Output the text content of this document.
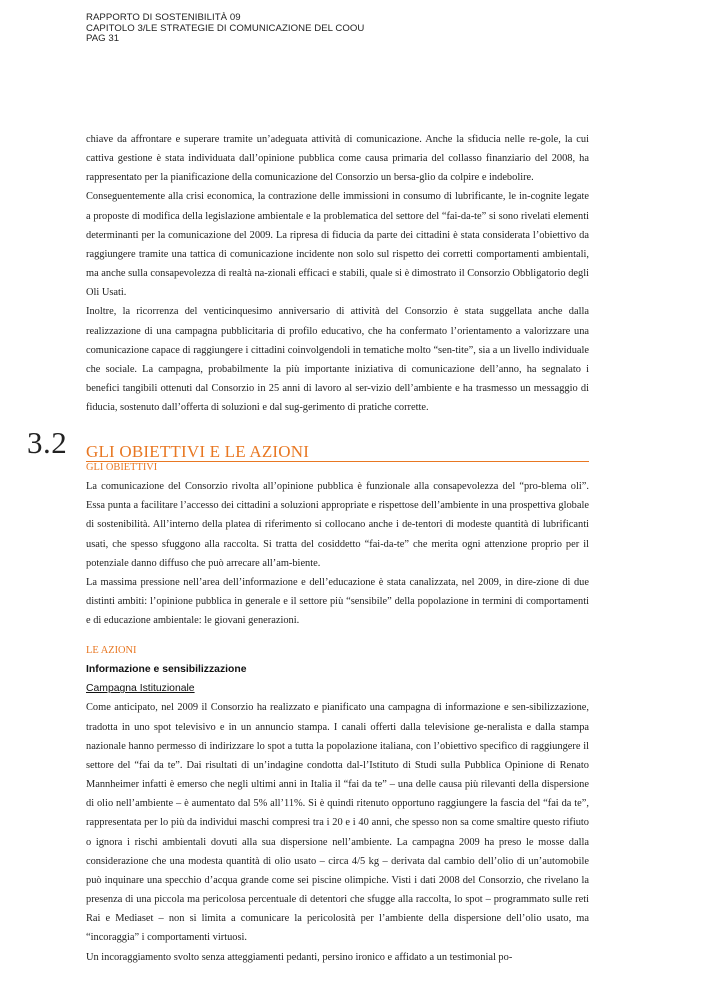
RAPPORTO DI SOSTENIBILITÀ 09
CAPITOLO 3/LE STRATEGIE DI COMUNICAZIONE DEL COOU
PAG 31

chiave da affrontare e superare tramite un’adeguata attività di comunicazione. Anche la sfiducia nelle re-gole, la cui cattiva gestione è stata individuata dall’opinione pubblica come causa primaria del collasso finanziario del 2008, ha rappresentato per la pianificazione della comunicazione del Consorzio un bersa-glio da colpire e indebolire.

Conseguentemente alla crisi economica, la contrazione delle immissioni in consumo di lubrificante, le in-cognite legate a proposte di modifica della legislazione ambientale e la problematica del settore del “fai-da-te” si sono rivelati elementi determinanti per la comunicazione del 2009. La ripresa di fiducia da parte dei cittadini è stata considerata l’obiettivo da raggiungere tramite una tattica di comunicazione incidente non solo sul rispetto dei corretti comportamenti ambientali, ma anche sulla consapevolezza di realtà na-zionali efficaci e stabili, quale si è dimostrato il Consorzio Obbligatorio degli Oli Usati.

Inoltre, la ricorrenza del venticinquesimo anniversario di attività del Consorzio è stata suggellata anche dalla realizzazione di una campagna pubblicitaria di profilo educativo, che ha confermato l’orientamento a valorizzare una comunicazione capace di raggiungere i cittadini coinvolgendoli in tematiche molto “sen-tite”, sia a un livello individuale che sociale. La campagna, probabilmente la più importante iniziativa di comunicazione dell’anno, ha segnalato i benefici tangibili ottenuti dal Consorzio in 25 anni di lavoro al ser-vizio dell’ambiente e ha trasmesso un messaggio di fiducia, sostenuto dall’offerta di soluzioni e dal sug-gerimento di pratiche corrette.

3.2 GLI OBIETTIVI E LE AZIONI
GLI OBIETTIVI

La comunicazione del Consorzio rivolta all’opinione pubblica è funzionale alla consapevolezza del “pro-blema oli”. Essa punta a facilitare l’accesso dei cittadini a soluzioni appropriate e rispettose dell’ambiente in una prospettiva globale di sostenibilità. All’interno della platea di riferimento si collocano anche i de-tentori di modeste quantità di lubrificanti usati, che spesso sfuggono alla raccolta. Si tratta del cosiddetto “fai-da-te” che merita ogni attenzione proprio per il potenziale danno diffuso che può arrecare all’am-biente.

La massima pressione nell’area dell’informazione e dell’educazione è stata canalizzata, nel 2009, in dire-zione di due distinti ambiti: l’opinione pubblica in generale e il settore più “sensibile” della popolazione in termini di comportamenti e di educazione ambientale: le giovani generazioni.

LE AZIONI
Informazione e sensibilizzazione
Campagna Istituzionale

Come anticipato, nel 2009 il Consorzio ha realizzato e pianificato una campagna di informazione e sen-sibilizzazione, tradotta in uno spot televisivo e in un annuncio stampa. I canali offerti dalla televisione ge-neralista e dalla stampa nazionale hanno permesso di indirizzare lo spot a tutta la popolazione italiana, con l’obiettivo specifico di raggiungere il settore del “fai da te”. Dai risultati di un’indagine condotta dal-l’Istituto di Studi sulla Pubblica Opinione di Renato Mannheimer infatti è emerso che negli ultimi anni in Italia il “fai da te” – una delle causa più rilevanti della dispersione di olio nell’ambiente – è aumentato dal 5% all’11%. Si è quindi ritenuto opportuno raggiungere la fascia del “fai da te”, rappresentata per lo più da individui maschi compresi tra i 20 e i 40 anni, che spesso non sa come smaltire questo rifiuto o ignora i rischi ambientali dovuti alla sua dispersione nell’ambiente. La campagna 2009 ha preso le mosse dalla considerazione che una modesta quantità di olio usato – circa 4/5 kg – derivata dal cambio dell’olio di un’automobile può inquinare una specchio d’acqua grande come sei piscine olimpiche. Visti i dati 2008 del Consorzio, che rivelano la presenza di una piccola ma pericolosa percentuale di detentori che sfugge alla raccolta, lo spot – programmato sulle reti Rai e Mediaset – non si limita a comunicare la pericolosità per l’ambiente della dispersione dell’olio usato, ma “incoraggia” i comportamenti virtuosi.

Un incoraggiamento svolto senza atteggiamenti pedanti, persino ironico e affidato a un testimonial po-
